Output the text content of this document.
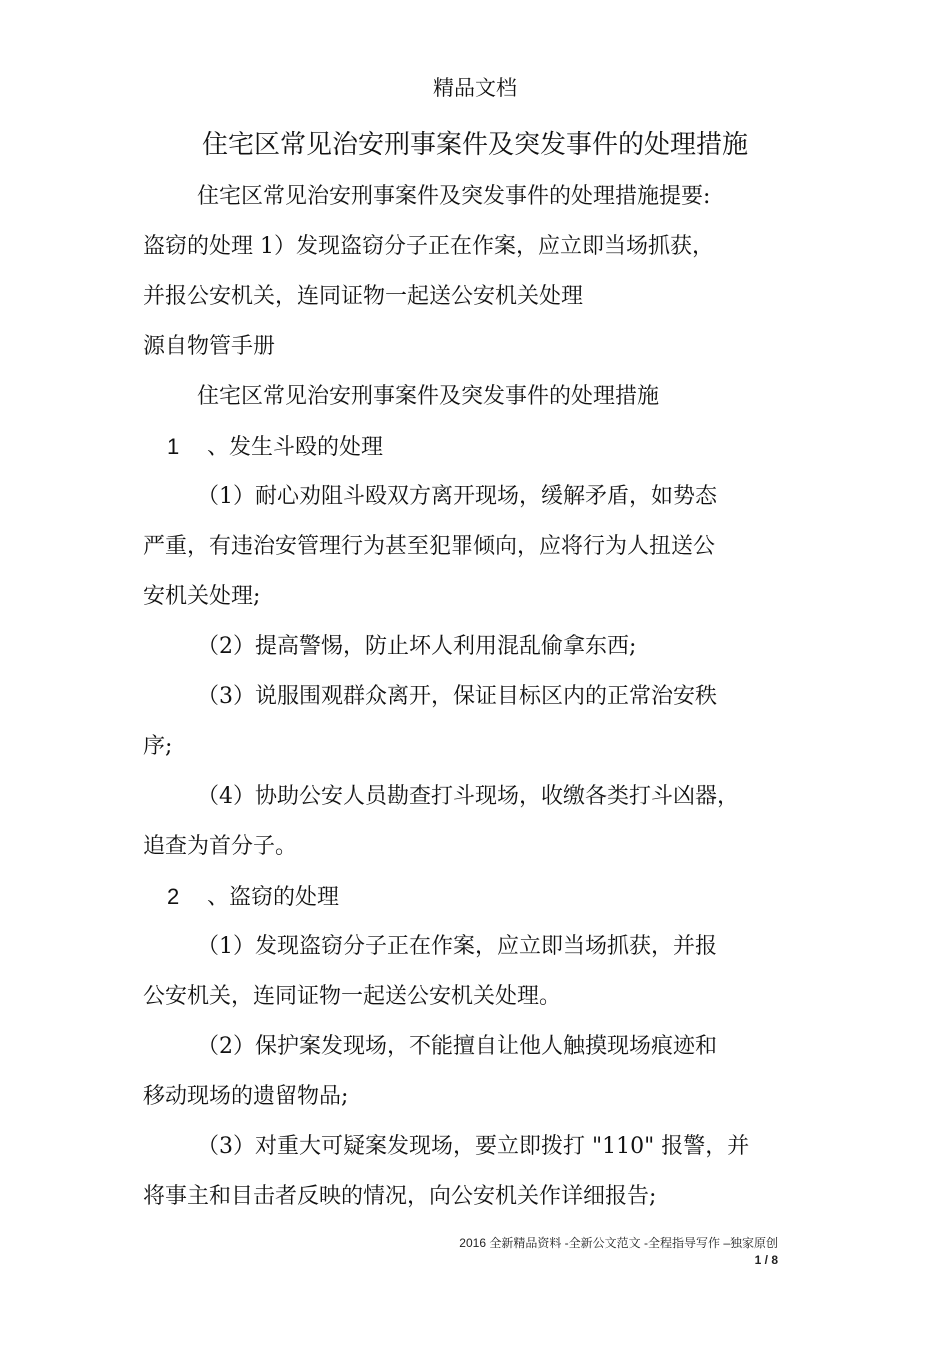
精品文档
住宅区常见治安刑事案件及突发事件的处理措施
住宅区常见治安刑事案件及突发事件的处理措施提要:
盗窃的处理 1）发现盗窃分子正在作案，应立即当场抓获，
并报公安机关，连同证物一起送公安机关处理
源自物管手册
住宅区常见治安刑事案件及突发事件的处理措施
1 、发生斗殴的处理
（1）耐心劝阻斗殴双方离开现场，缓解矛盾，如势态
严重，有违治安管理行为甚至犯罪倾向，应将行为人扭送公
安机关处理;
（2）提高警惕，防止坏人利用混乱偷拿东西;
（3）说服围观群众离开，保证目标区内的正常治安秩
序;
（4）协助公安人员勘查打斗现场，收缴各类打斗凶器，
追查为首分子。
2 、盗窃的处理
（1）发现盗窃分子正在作案，应立即当场抓获，并报
公安机关，连同证物一起送公安机关处理。
（2）保护案发现场，不能擅自让他人触摸现场痕迹和
移动现场的遗留物品;
（3）对重大可疑案发现场，要立即拨打 "110" 报警，并
将事主和目击者反映的情况，向公安机关作详细报告;
2016 全新精品资料 -全新公文范文 -全程指导写作 –独家原创
1 / 8
